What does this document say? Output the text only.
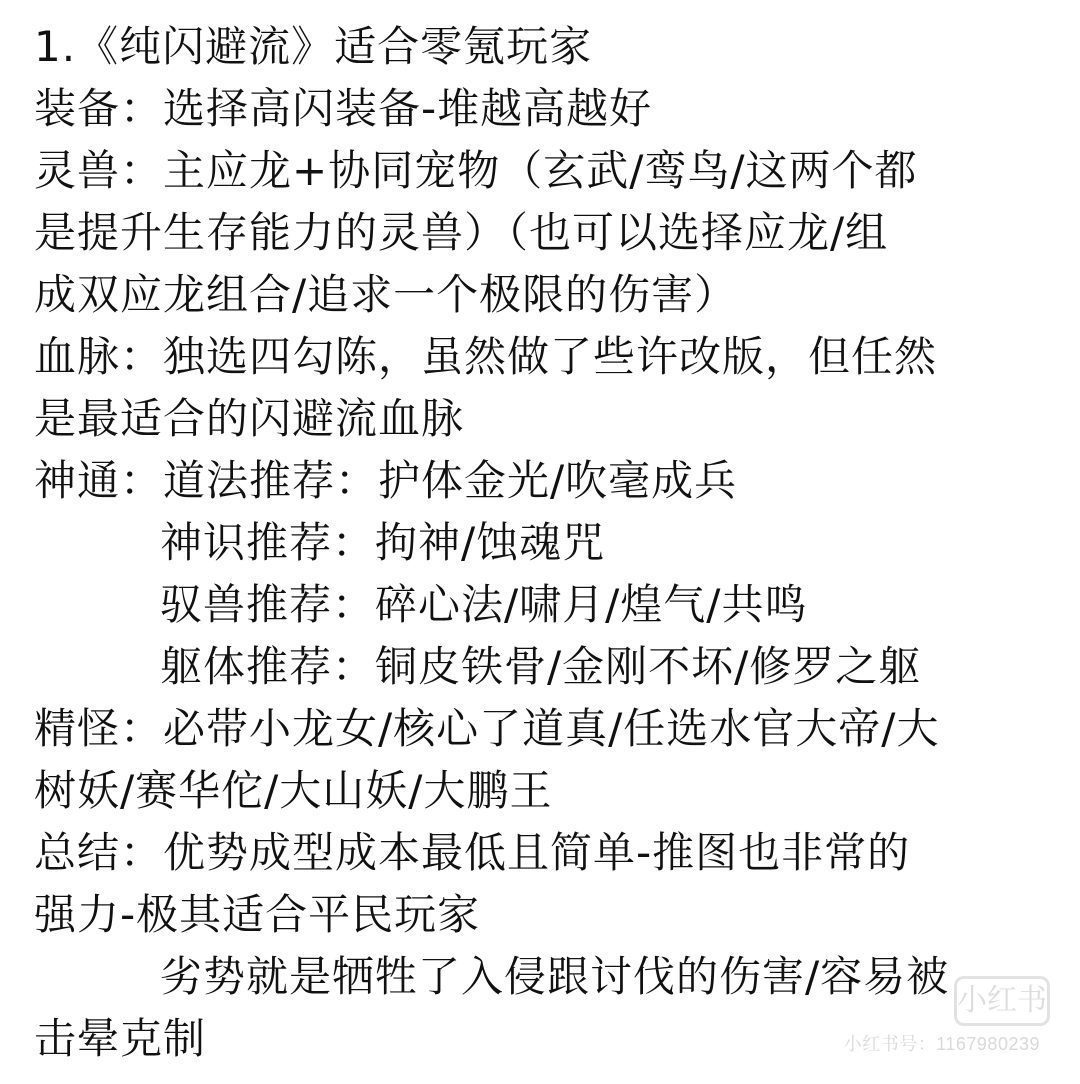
1.《纯闪避流》适合零氪玩家
装备：选择高闪装备-堆越高越好
灵兽：主应龙+协同宠物（玄武/鸾鸟/这两个都
是提升生存能力的灵兽）（也可以选择应龙/组
成双应龙组合/追求一个极限的伤害）
血脉：独选四勾陈，虽然做了些许改版，但任然
是最适合的闪避流血脉
神通：道法推荐：护体金光/吹毫成兵
神识推荐：拘神/蚀魂咒
驭兽推荐：碎心法/啸月/煌气/共鸣
躯体推荐：铜皮铁骨/金刚不坏/修罗之躯
精怪：必带小龙女/核心了道真/任选水官大帝/大
树妖/赛华佗/大山妖/大鹏王
总结：优势成型成本最低且简单-推图也非常的
强力-极其适合平民玩家
劣势就是牺牲了入侵跟讨伐的伤害/容易被
击晕克制
小红书
小红书号：1167980239
